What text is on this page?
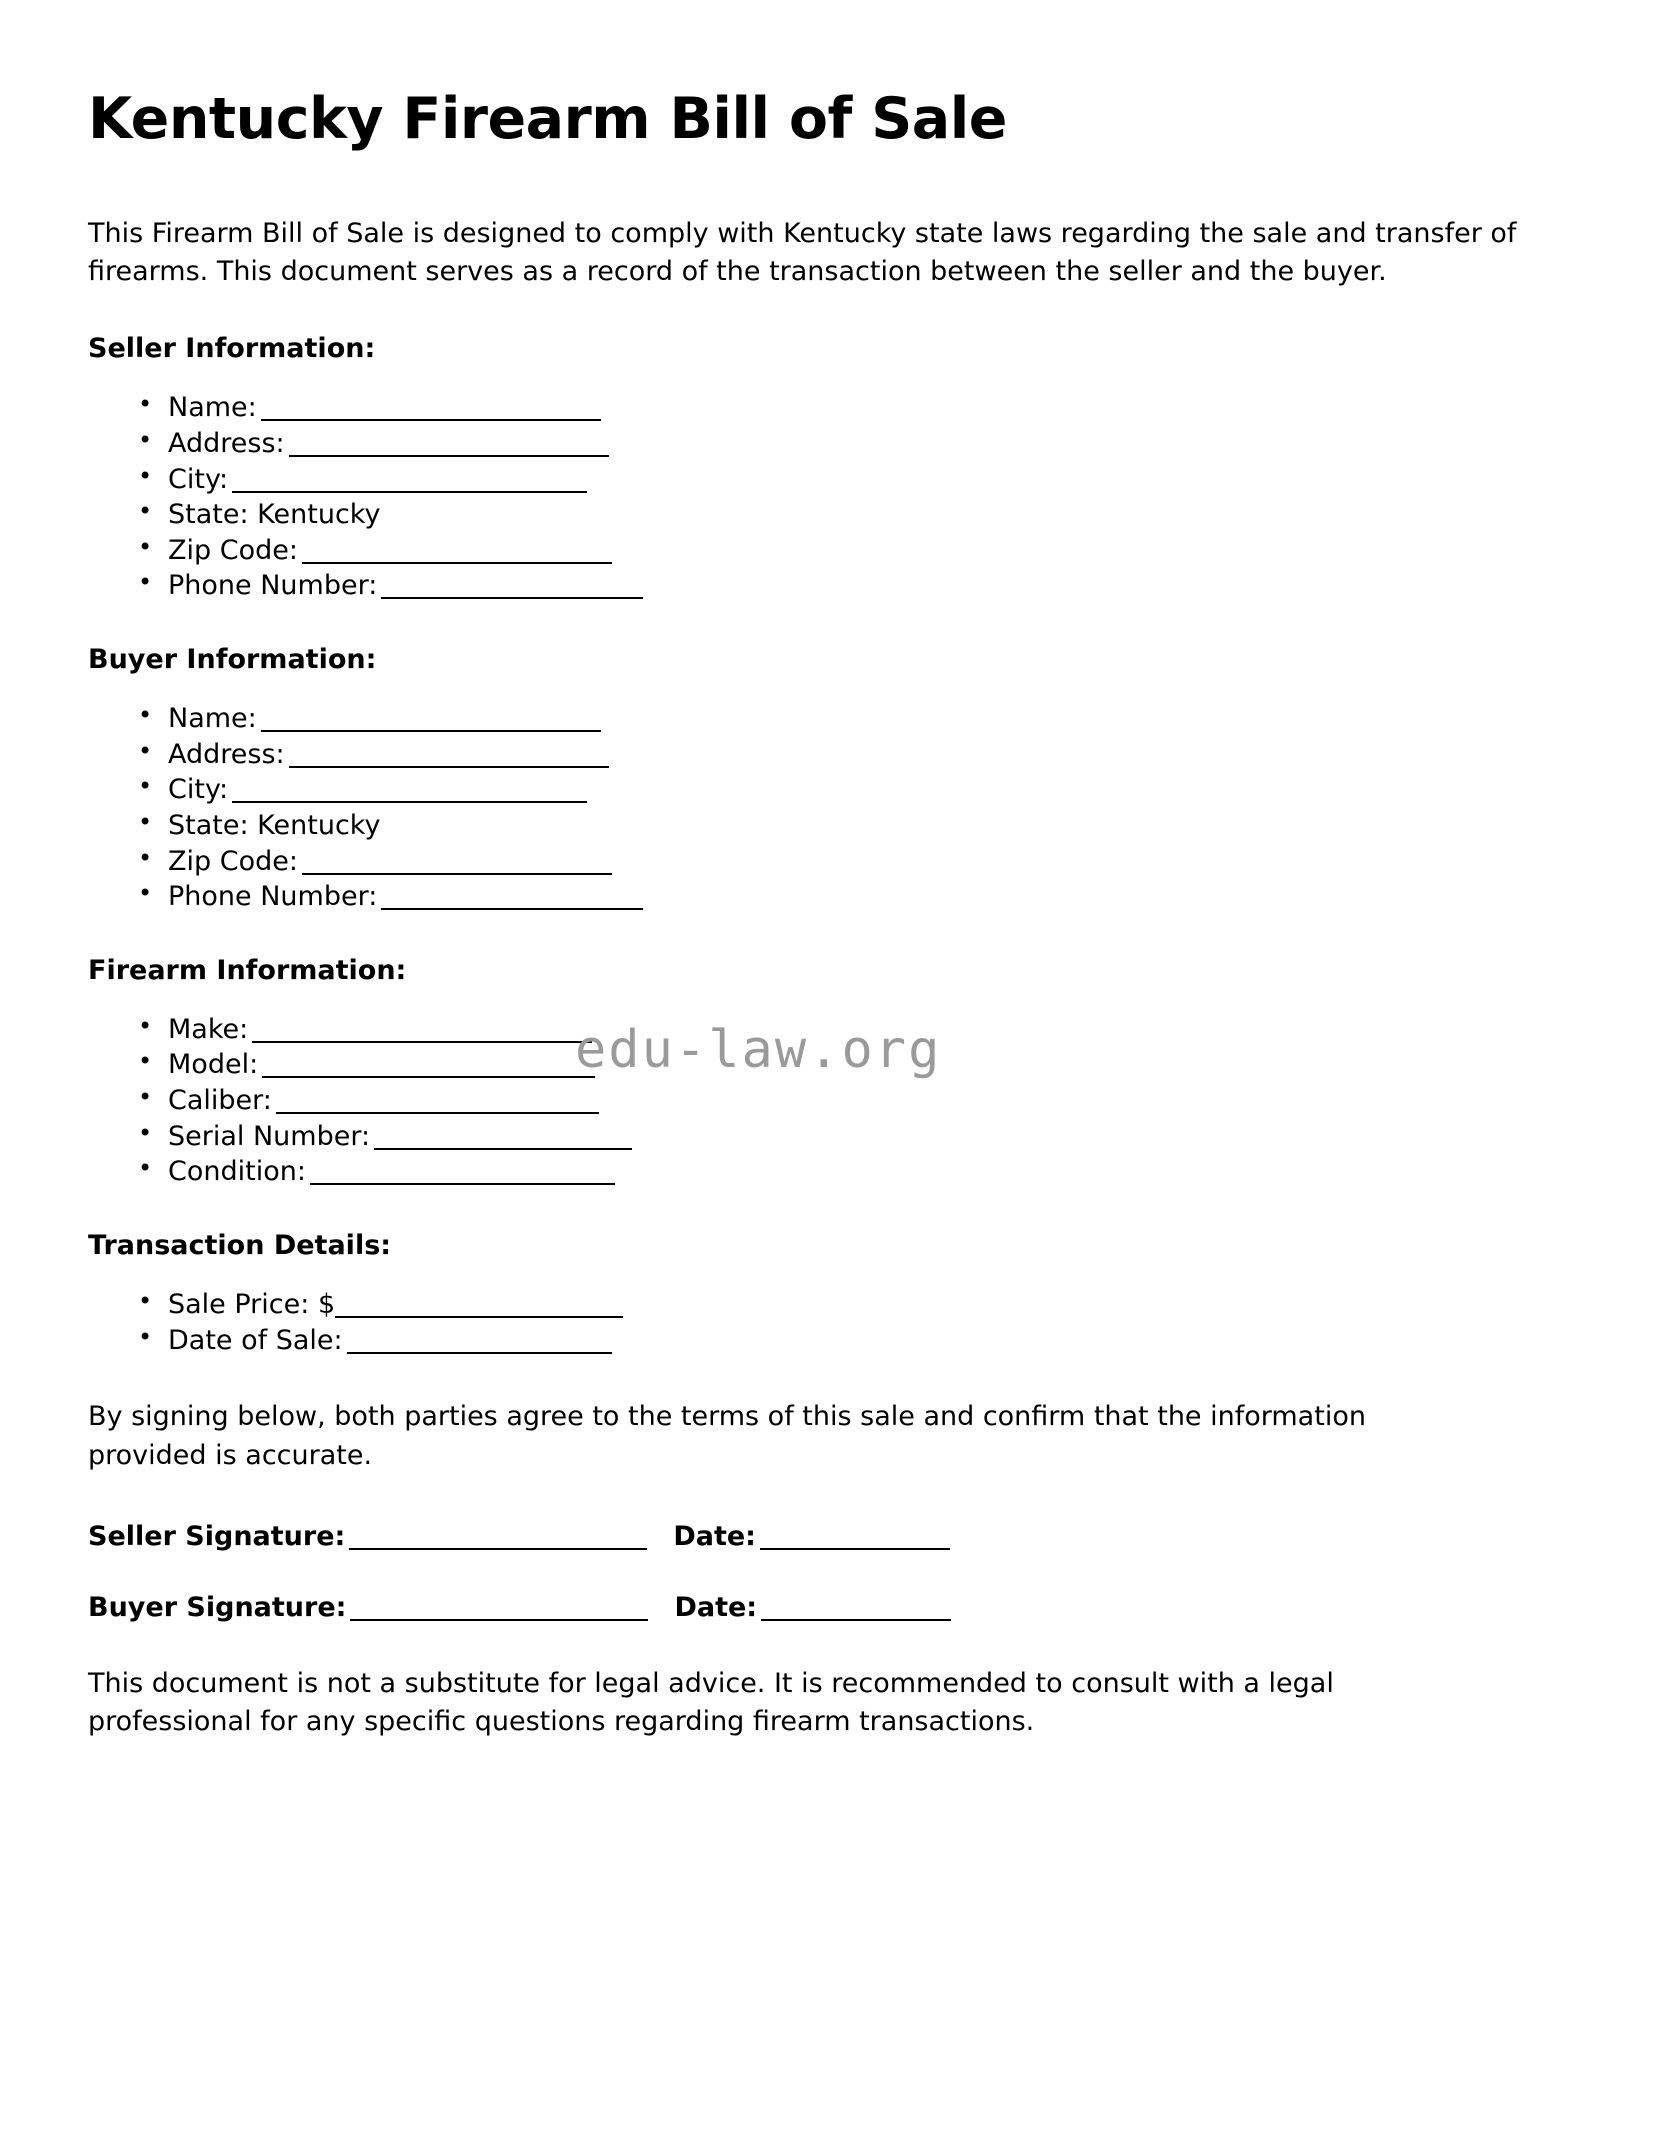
Kentucky Firearm Bill of Sale

This Firearm Bill of Sale is designed to comply with Kentucky state laws regarding the sale and transfer of firearms. This document serves as a record of the transaction between the seller and the buyer.

Seller Information:
• Name:
• Address:
• City:
• State: Kentucky
• Zip Code:
• Phone Number:
Buyer Information:
• Name:
• Address:
• City:
• State: Kentucky
• Zip Code:
• Phone Number:
Firearm Information:
• Make:
• Model:
• Caliber:
• Serial Number:
• Condition:
Transaction Details:
• Sale Price: $
• Date of Sale:

By signing below, both parties agree to the terms of this sale and confirm that the information provided is accurate.

Seller Signature:	Date:
Buyer Signature:	Date:

This document is not a substitute for legal advice. It is recommended to consult with a legal professional for any specific questions regarding firearm transactions.

edu-law.org
